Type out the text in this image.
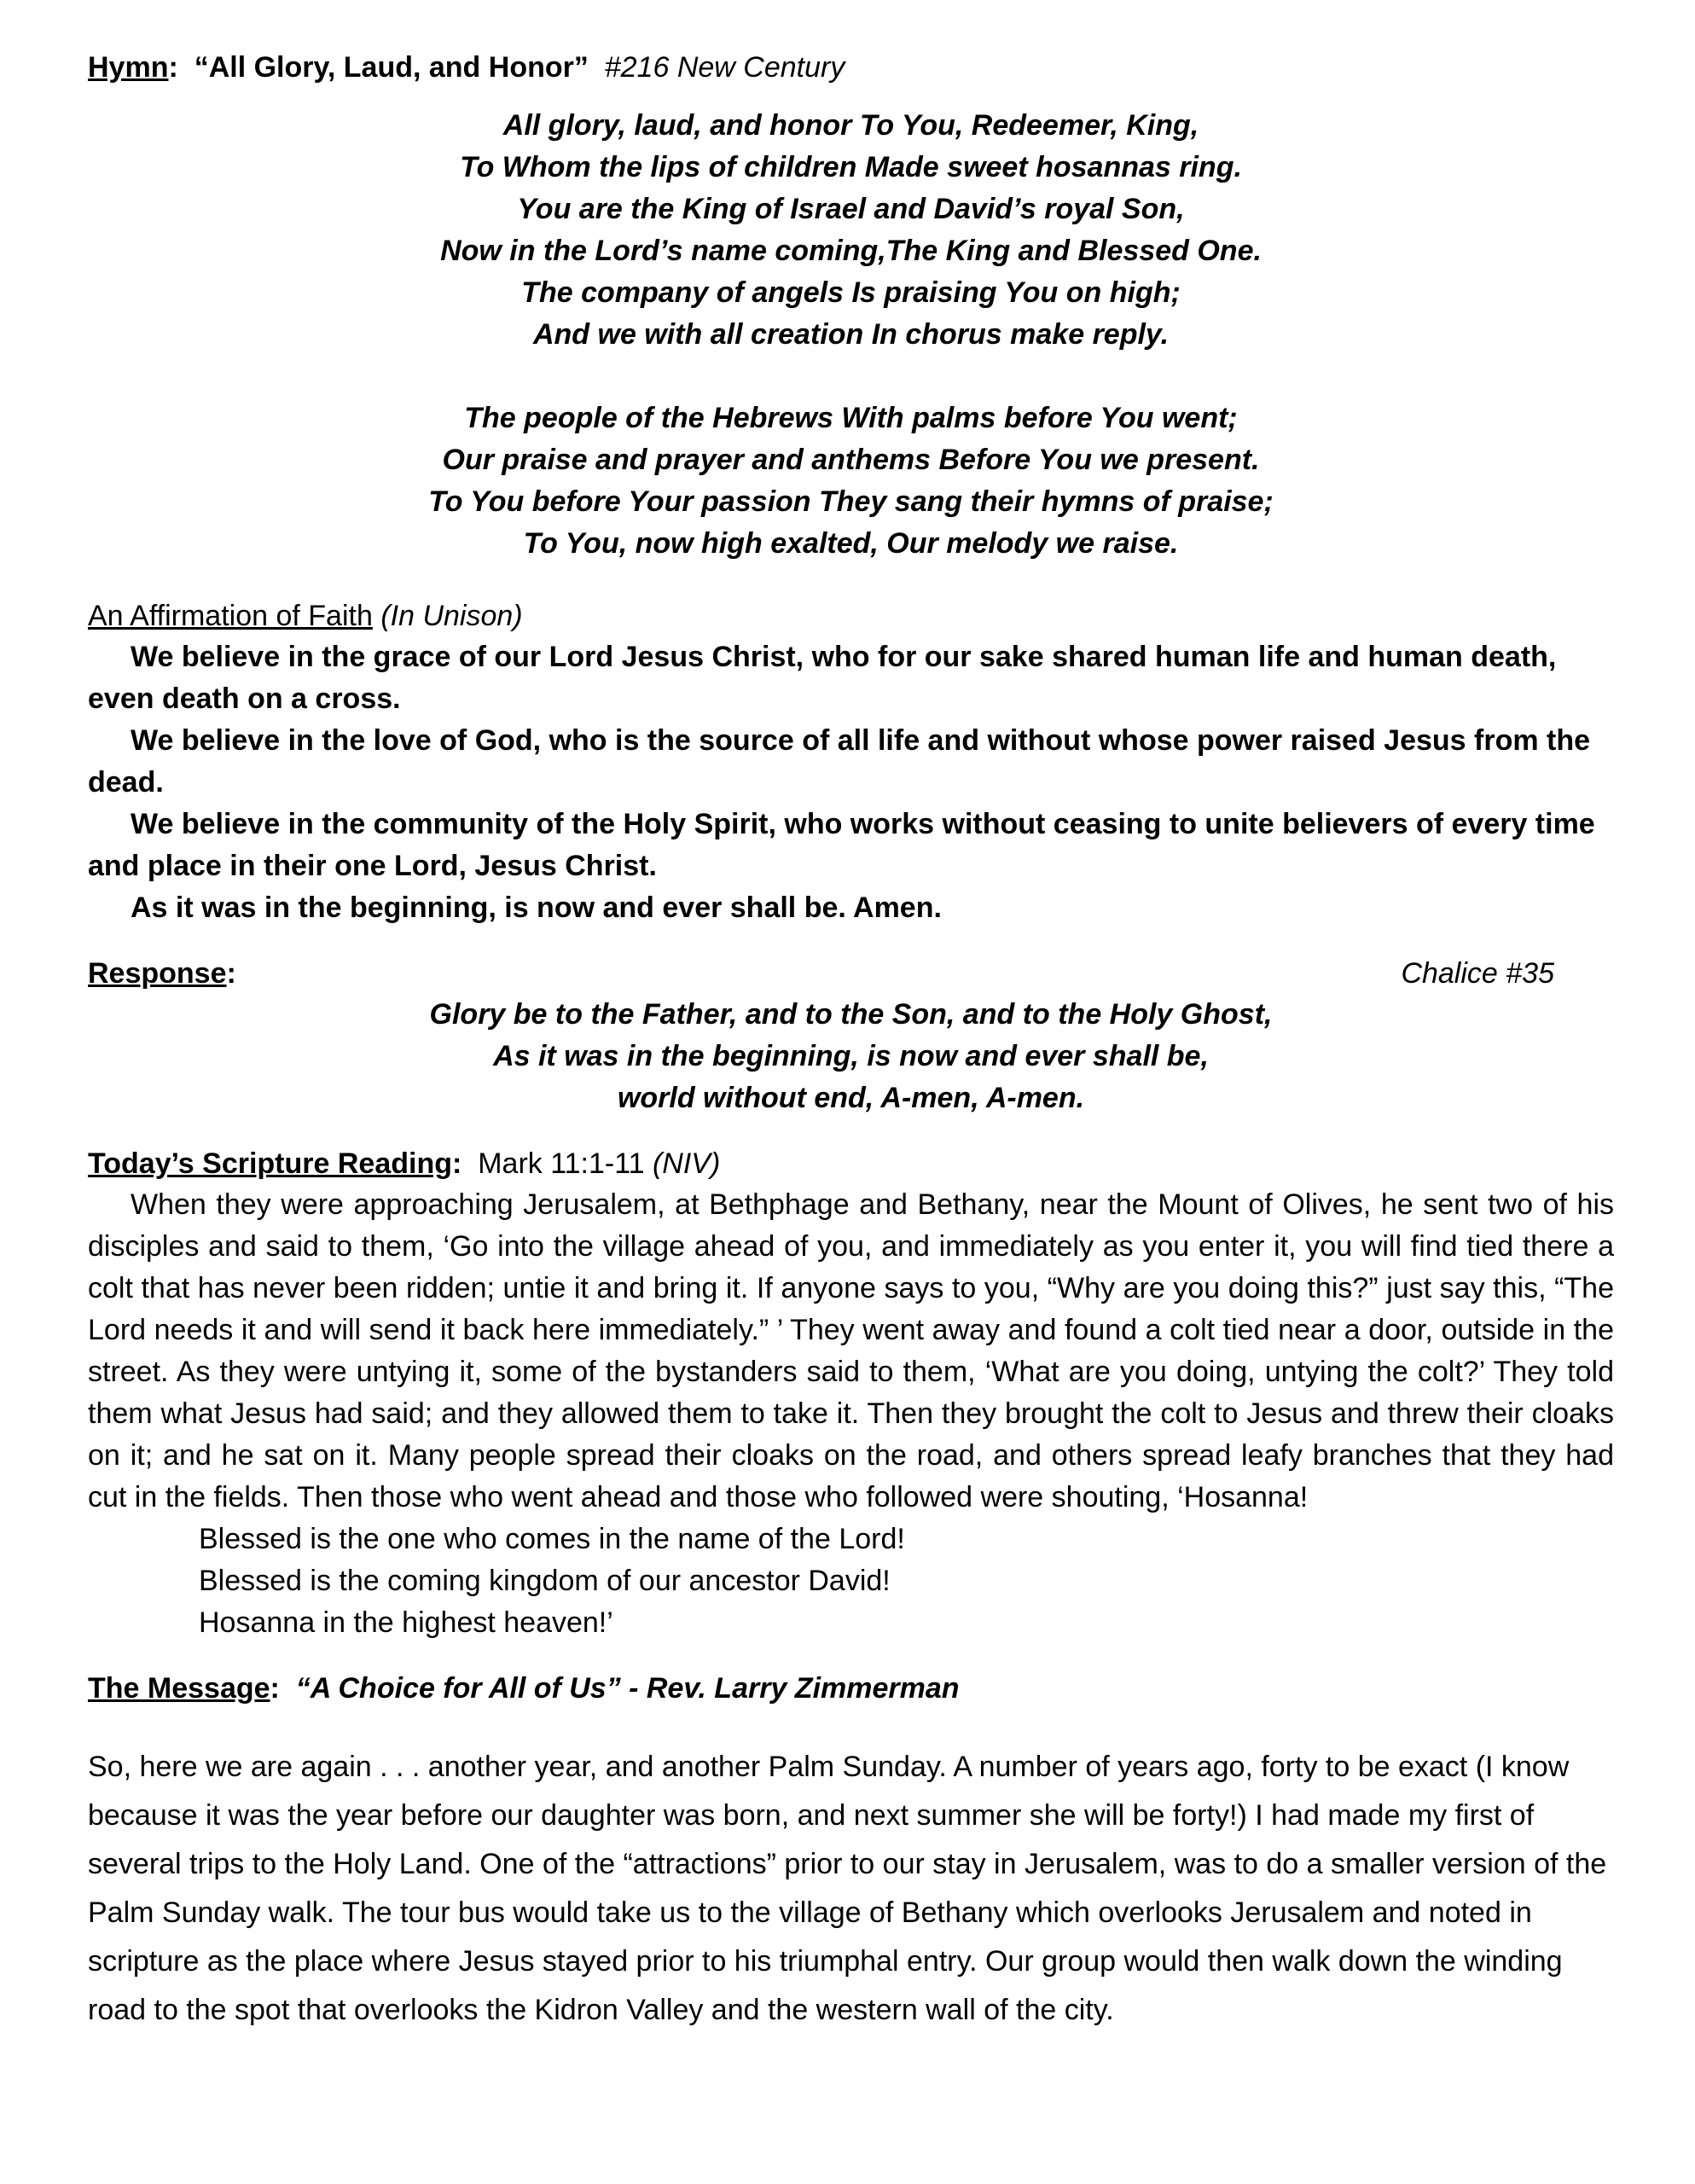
Hymn: “All Glory, Laud, and Honor” #216 New Century

All glory, laud, and honor To You, Redeemer, King,
To Whom the lips of children Made sweet hosannas ring.
You are the King of Israel and David’s royal Son,
Now in the Lord’s name coming,The King and Blessed One.
The company of angels Is praising You on high;
And we with all creation In chorus make reply.
The people of the Hebrews With palms before You went;
Our praise and prayer and anthems Before You we present.
To You before Your passion They sang their hymns of praise;
To You, now high exalted, Our melody we raise.

An Affirmation of Faith (In Unison)

We believe in the grace of our Lord Jesus Christ, who for our sake shared human life and human death, even death on a cross.

We believe in the love of God, who is the source of all life and without whose power raised Jesus from the dead.

We believe in the community of the Holy Spirit, who works without ceasing to unite believers of every time and place in their one Lord, Jesus Christ.

As it was in the beginning, is now and ever shall be. Amen.

Response:	Chalice #35
Glory be to the Father, and to the Son, and to the Holy Ghost,
As it was in the beginning, is now and ever shall be,
world without end, A-men, A-men.

Today’s Scripture Reading: Mark 11:1-11 (NIV)

When they were approaching Jerusalem, at Bethphage and Bethany, near the Mount of Olives, he sent two of his disciples and said to them, ‘Go into the village ahead of you, and immediately as you enter it, you will find tied there a colt that has never been ridden; untie it and bring it. If anyone says to you, “Why are you doing this?” just say this, “The Lord needs it and will send it back here immediately.” ’ They went away and found a colt tied near a door, outside in the street. As they were untying it, some of the bystanders said to them, ‘What are you doing, untying the colt?’ They told them what Jesus had said; and they allowed them to take it. Then they brought the colt to Jesus and threw their cloaks on it; and he sat on it. Many people spread their cloaks on the road, and others spread leafy branches that they had cut in the fields. Then those who went ahead and those who followed were shouting, ‘Hosanna!

Blessed is the one who comes in the name of the Lord!
Blessed is the coming kingdom of our ancestor David!
Hosanna in the highest heaven!’

The Message: “A Choice for All of Us” - Rev. Larry Zimmerman

So, here we are again . . . another year, and another Palm Sunday. A number of years ago, forty to be exact (I know because it was the year before our daughter was born, and next summer she will be forty!) I had made my first of several trips to the Holy Land. One of the “attractions” prior to our stay in Jerusalem, was to do a smaller version of the Palm Sunday walk. The tour bus would take us to the village of Bethany which overlooks Jerusalem and noted in scripture as the place where Jesus stayed prior to his triumphal entry. Our group would then walk down the winding road to the spot that overlooks the Kidron Valley and the western wall of the city.
